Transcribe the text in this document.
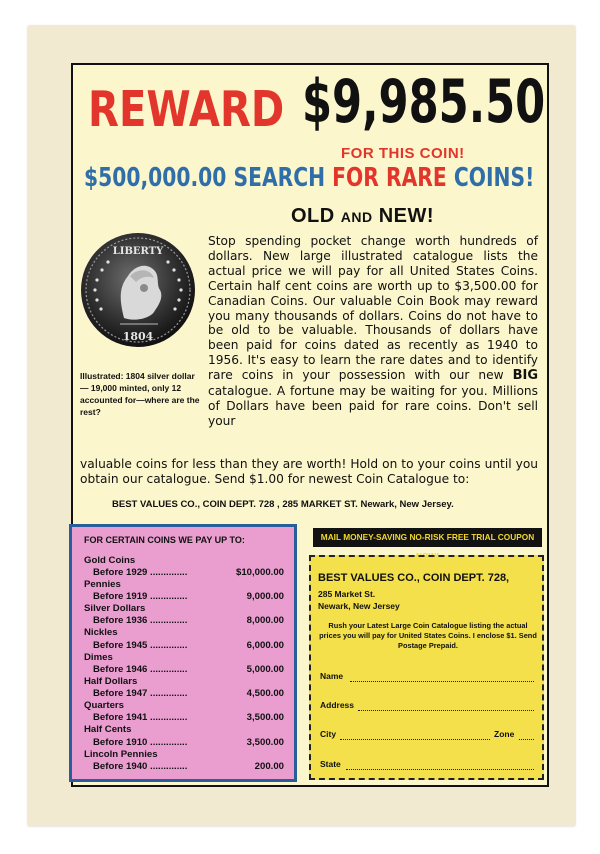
REWARD $9,985.50
FOR THIS COIN!
$500,000.00 SEARCH FOR RARE COINS!
OLD AND NEW!
LIBERTY
1804
Illustrated: 1804 silver dollar — 19,000 minted, only 12 accounted for—where are the rest?
Stop spending pocket change worth hundreds of dollars. New large illustrated catalogue lists the actual price we will pay for all United States Coins. Certain half cent coins are worth up to $3,500.00 for Canadian Coins. Our valuable Coin Book may reward you many thousands of dollars. Coins do not have to be old to be valuable. Thousands of dollars have been paid for coins dated as recently as 1940 to 1956. It's easy to learn the rare dates and to identify rare coins in your possession with our new BIG catalogue. A fortune may be waiting for you. Millions of Dollars have been paid for rare coins. Don't sell your
valuable coins for less than they are worth! Hold on to your coins until you obtain our catalogue. Send $1.00 for newest Coin Catalogue to:
BEST VALUES CO., COIN DEPT. 728 , 285 MARKET ST. Newark, New Jersey.
MAIL MONEY-SAVING NO-RISK FREE TRIAL COUPON
FOR CERTAIN COINS WE PAY UP TO:
Gold Coins
Before 1929 ..............	$10,000.00
Pennies
Before 1919 ..............	9,000.00
Silver Dollars
Before 1936 ..............	8,000.00
Nickles
Before 1945 ..............	6,000.00
Dimes
Before 1946 ..............	5,000.00
Half Dollars
Before 1947 ..............	4,500.00
Quarters
Before 1941 ..............	3,500.00
Half Cents
Before 1910 ..............	3,500.00
Lincoln Pennies
Before 1940 ..............	200.00
BEST VALUES CO., COIN DEPT. 728,
285 Market St.
Newark, New Jersey
Rush your Latest Large Coin Catalogue listing the actual prices you will pay for United States Coins. I enclose $1. Send Postage Prepaid.
Name
Address
City	Zone
State
